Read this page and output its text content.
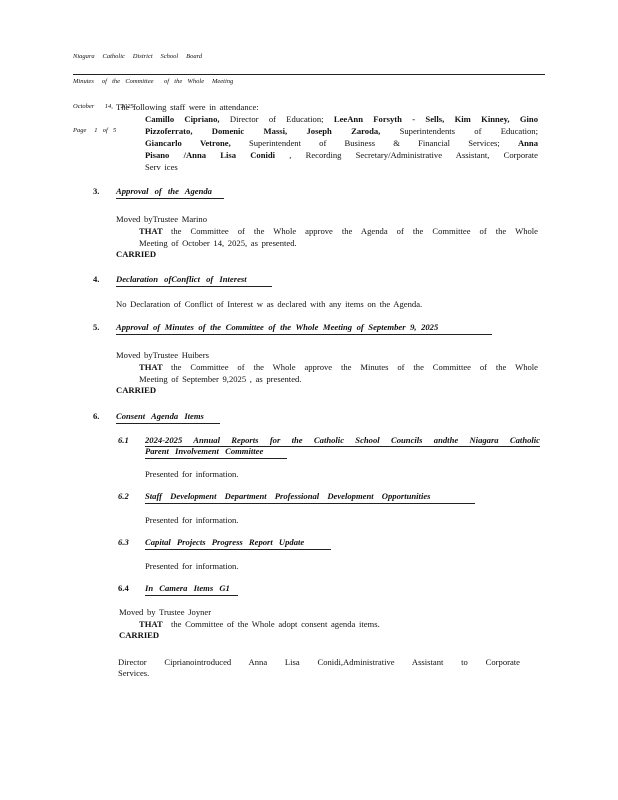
Niagara   Catholic   District   School   Board

Minutes   of  the  Committee    of  the  Whole   Meeting

October    14,   2025

Page   1  of  5

The following staff were in attendance:
Camillo Cipriano, Director of Education; LeeAnn Forsyth - Sells, Kim Kinney, Gino
Pizzoferrato, Domenic Massi, Joseph Zaroda, Superintendents of Education;
Giancarlo Vetrone, Superintendent of Business & Financial Services; Anna
Pisano /Anna Lisa Conidi , Recording Secretary/Administrative Assistant, Corporate
Serv ices
3. Approval of the Agenda
Moved byTrustee Marino
THAT the Committee of the Whole approve the Agenda of the Committee of the Whole
Meeting of October 14, 2025, as presented.
CARRIED
4. Declaration ofConflict of Interest
No Declaration of Conflict of Interest w as declared with any items on the Agenda.
5. Approval of Minutes of the Committee of the Whole Meeting of September 9, 2025
Moved byTrustee Huibers
THAT the Committee of the Whole approve the Minutes of the Committee of the Whole
Meeting of September 9,2025 , as presented.
CARRIED
6. Consent Agenda Items
6.1 2024-2025 Annual Reports for the Catholic School Councils andthe Niagara Catholic
Parent Involvement Committee
Presented for information.
6.2 Staff Development Department Professional Development Opportunities
Presented for information.
6.3 Capital Projects Progress Report Update
Presented for information.
6.4 In Camera Items G1
Moved by Trustee Joyner
THAT the Committee of the Whole adopt consent agenda items.
CARRIED
Director Ciprianointroduced Anna Lisa Conidi,Administrative Assistant to Corporate
Services.
